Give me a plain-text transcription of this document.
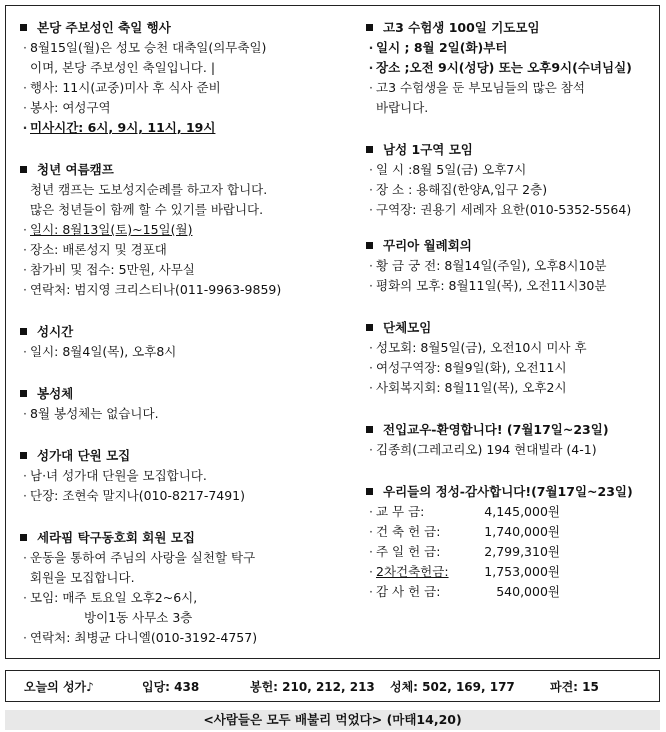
본당 주보성인 축일 행사
· 8월15일(월)은 성모 승천 대축일(의무축일)
이며, 본당 주보성인 축일입니다. |
· 행사: 11시(교중)미사 후 식사 준비
· 봉사: 여성구역
· 미사시간: 6시, 9시, 11시, 19시
청년 여름캠프
청년 캠프는 도보성지순례를 하고자 합니다.
많은 청년들이 함께 할 수 있기를 바랍니다.
· 일시: 8월13일(토)~15일(월)
· 장소: 배론성지 및 경포대
· 참가비 및 접수: 5만원, 사무실
· 연락처: 범지영 크리스티나(011-9963-9859)
성시간
· 일시: 8월4일(목), 오후8시
봉성체
· 8월 봉성체는 없습니다.
성가대 단원 모집
· 남·녀 성가대 단원을 모집합니다.
· 단장: 조현숙 말지나(010-8217-7491)
세라핌 탁구동호회 회원 모집
· 운동을 통하여 주님의 사랑을 실천할 탁구
회원을 모집합니다.
· 모임: 매주 토요일 오후2~6시,
방이1동 사무소 3층
· 연락처: 최병균 다니엘(010-3192-4757)
고3 수험생 100일 기도모임
· 일시 ; 8월 2일(화)부터
· 장소 ;오전 9시(성당) 또는 오후9시(수녀님실)
· 고3 수험생을 둔 부모님들의 많은 참석
바랍니다.
남성 1구역 모임
· 일 시 :8월 5일(금) 오후7시
· 장 소 : 용해집(한양A,입구 2층)
· 구역장: 권용기 세례자 요한(010-5352-5564)
꾸리아 월례회의
· 황 금 궁 전: 8월14일(주일), 오후8시10분
· 평화의 모후: 8월11일(목), 오전11시30분
단체모임
· 성모회: 8월5일(금), 오전10시 미사 후
· 여성구역장: 8월9일(화), 오전11시
· 사회복지회: 8월11일(목), 오후2시
전입교우-환영합니다! (7월17일~23일)
· 김종희(그레고리오) 194 현대빌라 (4-1)
우리들의 정성-감사합니다!(7월17일~23일)
· 교 무 금:	4,145,000원
· 건 축 헌 금:	1,740,000원
· 주 일 헌 금:	2,799,310원
· 2차건축헌금:	1,753,000원
· 감 사 헌 금:	540,000원
오늘의 성가♪	입당: 438	봉헌: 210, 212, 213	성체: 502, 169, 177	파견: 15
<사람들은 모두 배불리 먹었다> (마태14,20)
